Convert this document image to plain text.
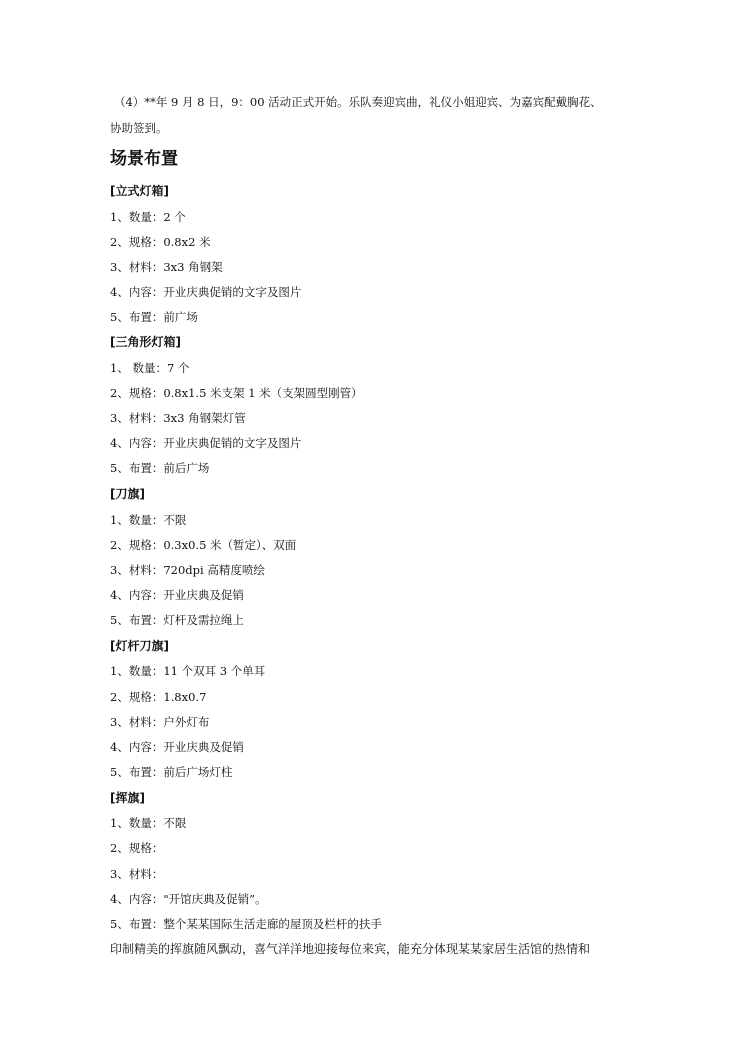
（4）**年 9 月 8 日，9：00 活动正式开始。乐队奏迎宾曲，礼仪小姐迎宾、为嘉宾配戴胸花、
协助签到。
场景布置
[立式灯箱]
1、数量：2 个
2、规格：0.8x2 米
3、材料：3x3 角钢架
4、内容：开业庆典促销的文字及图片
5、布置：前广场
[三角形灯箱]
1、 数量：7 个
2、规格：0.8x1.5 米支架 1 米（支架圆型刚管）
3、材料：3x3 角钢架灯管
4、内容：开业庆典促销的文字及图片
5、布置：前后广场
[刀旗]
1、数量：不限
2、规格：0.3x0.5 米（暂定）、双面
3、材料：720dpi 高精度喷绘
4、内容：开业庆典及促销
5、布置：灯杆及需拉绳上
[灯杆刀旗]
1、数量：11 个双耳 3 个单耳
2、规格：1.8x0.7
3、材料：户外灯布
4、内容：开业庆典及促销
5、布置：前后广场灯柱
[挥旗]
1、数量：不限
2、规格：
3、材料：
4、内容："开馆庆典及促销”。
5、布置：整个某某国际生活走廊的屋顶及栏杆的扶手
印制精美的挥旗随风飘动，喜气洋洋地迎接每位来宾，能充分体现某某家居生活馆的热情和
